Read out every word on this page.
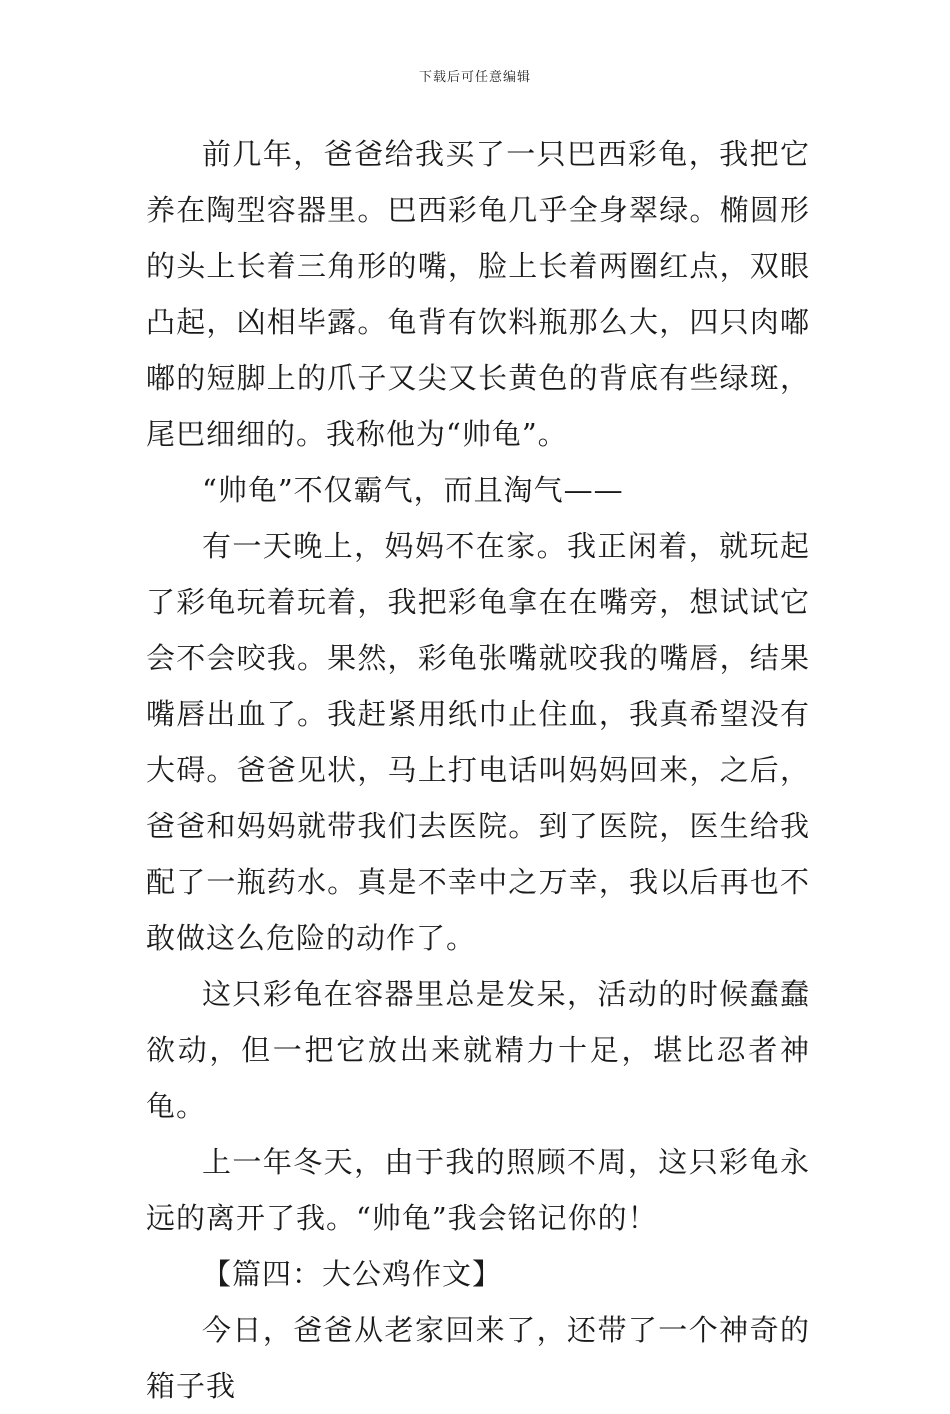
下载后可任意编辑

前几年，爸爸给我买了一只巴西彩龟，我把它养在陶型容器里。巴西彩龟几乎全身翠绿。椭圆形的头上长着三角形的嘴，脸上长着两圈红点，双眼凸起，凶相毕露。龟背有饮料瓶那么大，四只肉嘟嘟的短脚上的爪子又尖又长黄色的背底有些绿斑，尾巴细细的。我称他为“帅龟”。

“帅龟”不仅霸气，而且淘气——

有一天晚上，妈妈不在家。我正闲着，就玩起了彩龟玩着玩着，我把彩龟拿在在嘴旁，想试试它会不会咬我。果然，彩龟张嘴就咬我的嘴唇，结果嘴唇出血了。我赶紧用纸巾止住血，我真希望没有大碍。爸爸见状，马上打电话叫妈妈回来，之后，爸爸和妈妈就带我们去医院。到了医院，医生给我配了一瓶药水。真是不幸中之万幸，我以后再也不敢做这么危险的动作了。

这只彩龟在容器里总是发呆，活动的时候蠢蠢欲动，但一把它放出来就精力十足，堪比忍者神龟。

上一年冬天，由于我的照顾不周，这只彩龟永远的离开了我。“帅龟”我会铭记你的！

【篇四：大公鸡作文】

今日，爸爸从老家回来了，还带了一个神奇的箱子我
